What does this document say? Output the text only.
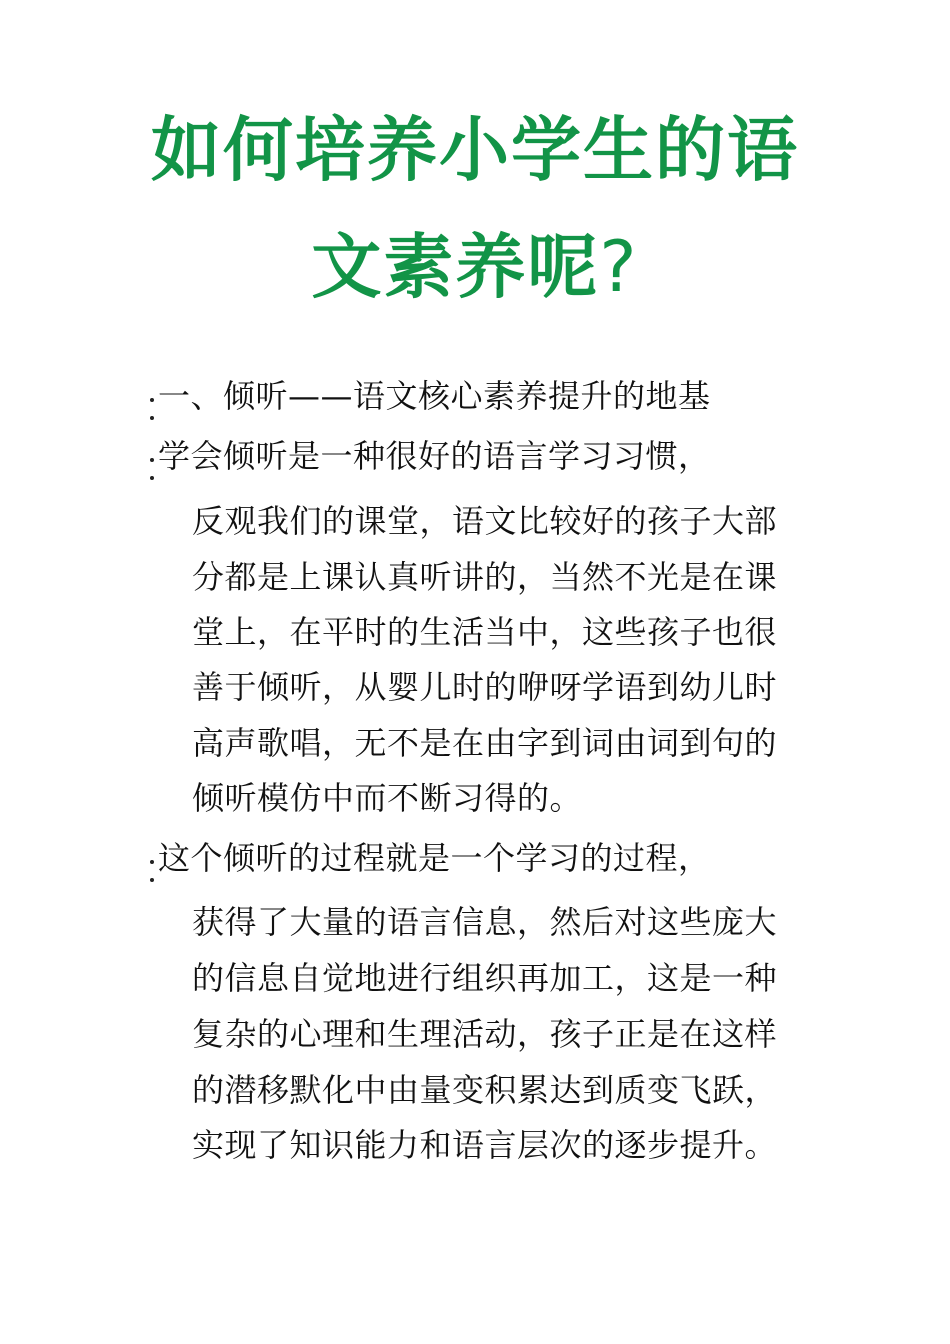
如何培养小学生的语
文素养呢?
一、倾听——语文核心素养提升的地基
学会倾听是一种很好的语言学习习惯，
反观我们的课堂，语文比较好的孩子大部
分都是上课认真听讲的，当然不光是在课
堂上，在平时的生活当中，这些孩子也很
善于倾听，从婴儿时的咿呀学语到幼儿时
高声歌唱，无不是在由字到词由词到句的
倾听模仿中而不断习得的。
这个倾听的过程就是一个学习的过程，
获得了大量的语言信息，然后对这些庞大
的信息自觉地进行组织再加工，这是一种
复杂的心理和生理活动，孩子正是在这样
的潜移默化中由量变积累达到质变飞跃，
实现了知识能力和语言层次的逐步提升。
